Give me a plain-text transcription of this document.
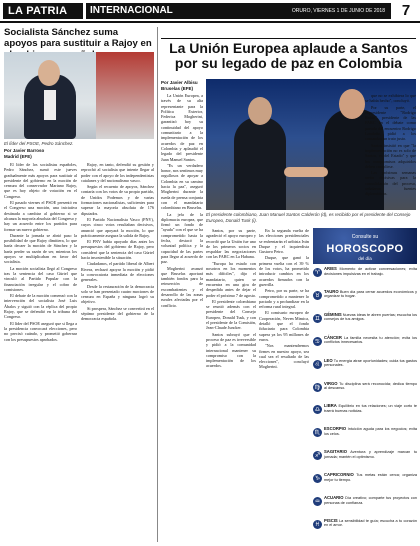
LA PATRIA	INTERNACIONAL	ORURO, VIERNES 1 DE JUNIO DE 2018	7
Socialista Sánchez suma apoyos para sustituir a Rajoy en
El líder del PSOE, Pedro Sánchez.
Por Javier Barroso
Madrid (EFE)

El líder de los socialistas españoles, Pedro Sánchez, sumó este jueves gradualmente más apoyos para sustituir al presidente del gobierno en la moción de censura del conservador Mariano Rajoy, que es hoy objeto de votación en el Congreso.

El pasado viernes el PSOE presentó en el Congreso una moción, una iniciativa destinada a cambiar al gobierno si se alcanza la mayoría absoluta del Congreso y hay un acuerdo entre los partidos para formar un nuevo gobierno.

Durante la jornada se abrió paso la posibilidad de que Rajoy dimitiera, lo que haría decaer la moción de Sánchez y la haría perder su razón de ser, mientras los apoyos se multiplicaban en favor del socialista.

La moción socialista llegó al Congreso tras la sentencia del caso Gürtel que vinculó al Partido Popular con la financiación irregular y el cobro de comisiones.

El debate de la moción comenzó con la intervención del socialista José Luis Ábalos y siguió con la réplica del propio Rajoy, que se defendió en la tribuna del Congreso.

El líder del PSOE aseguró que si llega a la presidencia convocará elecciones, pero no precisó cuándo, y prometió gobernar con los presupuestos aprobados.

Rajoy, en tanto, defendió su gestión y reprochó al socialista que intente llegar al poder con el apoyo de los independentistas catalanes y del nacionalismo vasco.

Según el recuento de apoyos, Sánchez contaría con los votos de su propio partido, de Unidos Podemos y de varias formaciones nacionalistas, suficientes para superar la mayoría absoluta de 176 diputados.

El Partido Nacionalista Vasco (PNV), cuyos cinco votos resultaban decisivos, anunció que apoyará la moción, lo que prácticamente asegura la salida de Rajoy.

El PNV había apoyado días antes los presupuestos del gobierno de Rajoy, pero consideró que la sentencia del caso Gürtel hacía insostenible la situación.

Ciudadanos, el partido liberal de Albert Rivera, rechazó apoyar la moción y pidió la convocatoria inmediata de elecciones generales.

Desde la restauración de la democracia solo se han presentado cuatro mociones de censura en España y ninguna logró su objetivo.

Si prospera, Sánchez se convertirá en el séptimo presidente del gobierno de la democracia española.

La Unión Europea aplaude a Santos por su legado de paz en Colombia
Por Javier Albisu
Bruselas (EFE)

La Unión Europea, a través de su alta representante para la Política Exterior, Federica Mogherini, garantizó hoy su continuidad del apoyo comunitario a la implementación de los acuerdos de paz en Colombia y aplaudió el legado del presidente Juan Manuel Santos.

"Es un verdadero honor, nos sentimos muy orgullosos de apoyar a Colombia en su camino hacia la paz", aseguró Mogherini durante la rueda de prensa conjunta con el mandatario colombiano en Bruselas.

La jefa de la diplomacia europea, que firmó un fondo de "ayuda" con el que se ha comprometido hasta la fecha, destacó la voluntad política y la capacidad de las partes para llegar al acuerdo de paz.

Mogherini avanzó que Bruselas aportará también fondos para la reinserción de excombatientes y el desarrollo de las zonas rurales afectadas por el conflicto.

El presidente colombiano, Juan Manuel Santos Calderón (d), es recibido por el presidente del Consejo Europeo, Donald Tusk (i).

Santos, por su parte, agradeció el apoyo europeo y recordó que la Unión fue uno de los primeros socios en respaldar las negociaciones con las FARC en La Habana.

"Europa ha estado con nosotros en los momentos más difíciles", dijo el mandatario, quien se encuentra en una gira de despedida antes de dejar el poder el próximo 7 de agosto.

El presidente colombiano se reunió además con el presidente del Consejo Europeo, Donald Tusk, y con el presidente de la Comisión, Jean-Claude Juncker.

Santos subrayó que el proceso de paz es irreversible y pidió a la comunidad internacional mantener su compromiso con la implementación de los acuerdos.

En la segunda vuelta de las elecciones presidenciales se enfrentarán el uribista Iván Duque y el izquierdista Gustavo Petro.

Duque, que ganó la primera vuelta con el 39 % de los votos, ha prometido introducir cambios en los acuerdos firmados con la guerrilla.

Petro, por su parte, se ha comprometido a mantener lo pactado y a profundizar en la reforma rural integral.

El comisario europeo de Cooperación, Neven Mimica, detalló que el fondo fiduciario para Colombia supera ya los 95 millones de euros.

"Nos mantendremos firmes en nuestro apoyo, sea cual sea el resultado de las elecciones", concluyó Mogherini.

que no se exhibiera lo que se había hecho", concluyó.

Por su parte, el expresidente "Rodrigo Rubio", presidente de las FARC en el debate como partido del encuentro Rodrigo Londoño, pidió a los comandos un trato justo.

Santos insistió en que "la implementación no es solo de Santos, es del Estado" y que los compromisos adquiridos deben cumplirse.

Las próximas semanas serán decisivas para la consolidación del proceso, señalaron fuentes diplomáticas.

Consulte su
HOROSCOPO
del día
♈
ARIES Momento de activar conversaciones; evita decisiones impulsivas en el trabajo.
♉
TAURO Buen día para cerrar acuerdos económicos y organizar tu hogar.
♊
GÉMINIS Nuevas ideas te abren puertas; escucha los consejos de tus amigos.
♋
CÁNCER La familia necesita tu atención; evita los conflictos innecesarios.
♌
LEO Tu energía atrae oportunidades; cuida tus gastos personales.
♍
VIRGO Tu disciplina será reconocida; dedica tiempo al descanso.
♎
LIBRA Equilibrio en tus relaciones; un viaje corto te traerá buenas noticias.
♏
ESCORPIO Intuición aguda para los negocios; evita los celos.
♐
SAGITARIO Aventura y aprendizaje marcan tu jornada; mantén el optimismo.
♑
CAPRICORNIO Tus metas están cerca; organiza mejor tu tiempo.
♒
ACUARIO Día creativo; comparte tus proyectos con personas de confianza.
♓
PISCIS La sensibilidad te guía; escucha a tu corazón en el amor.
